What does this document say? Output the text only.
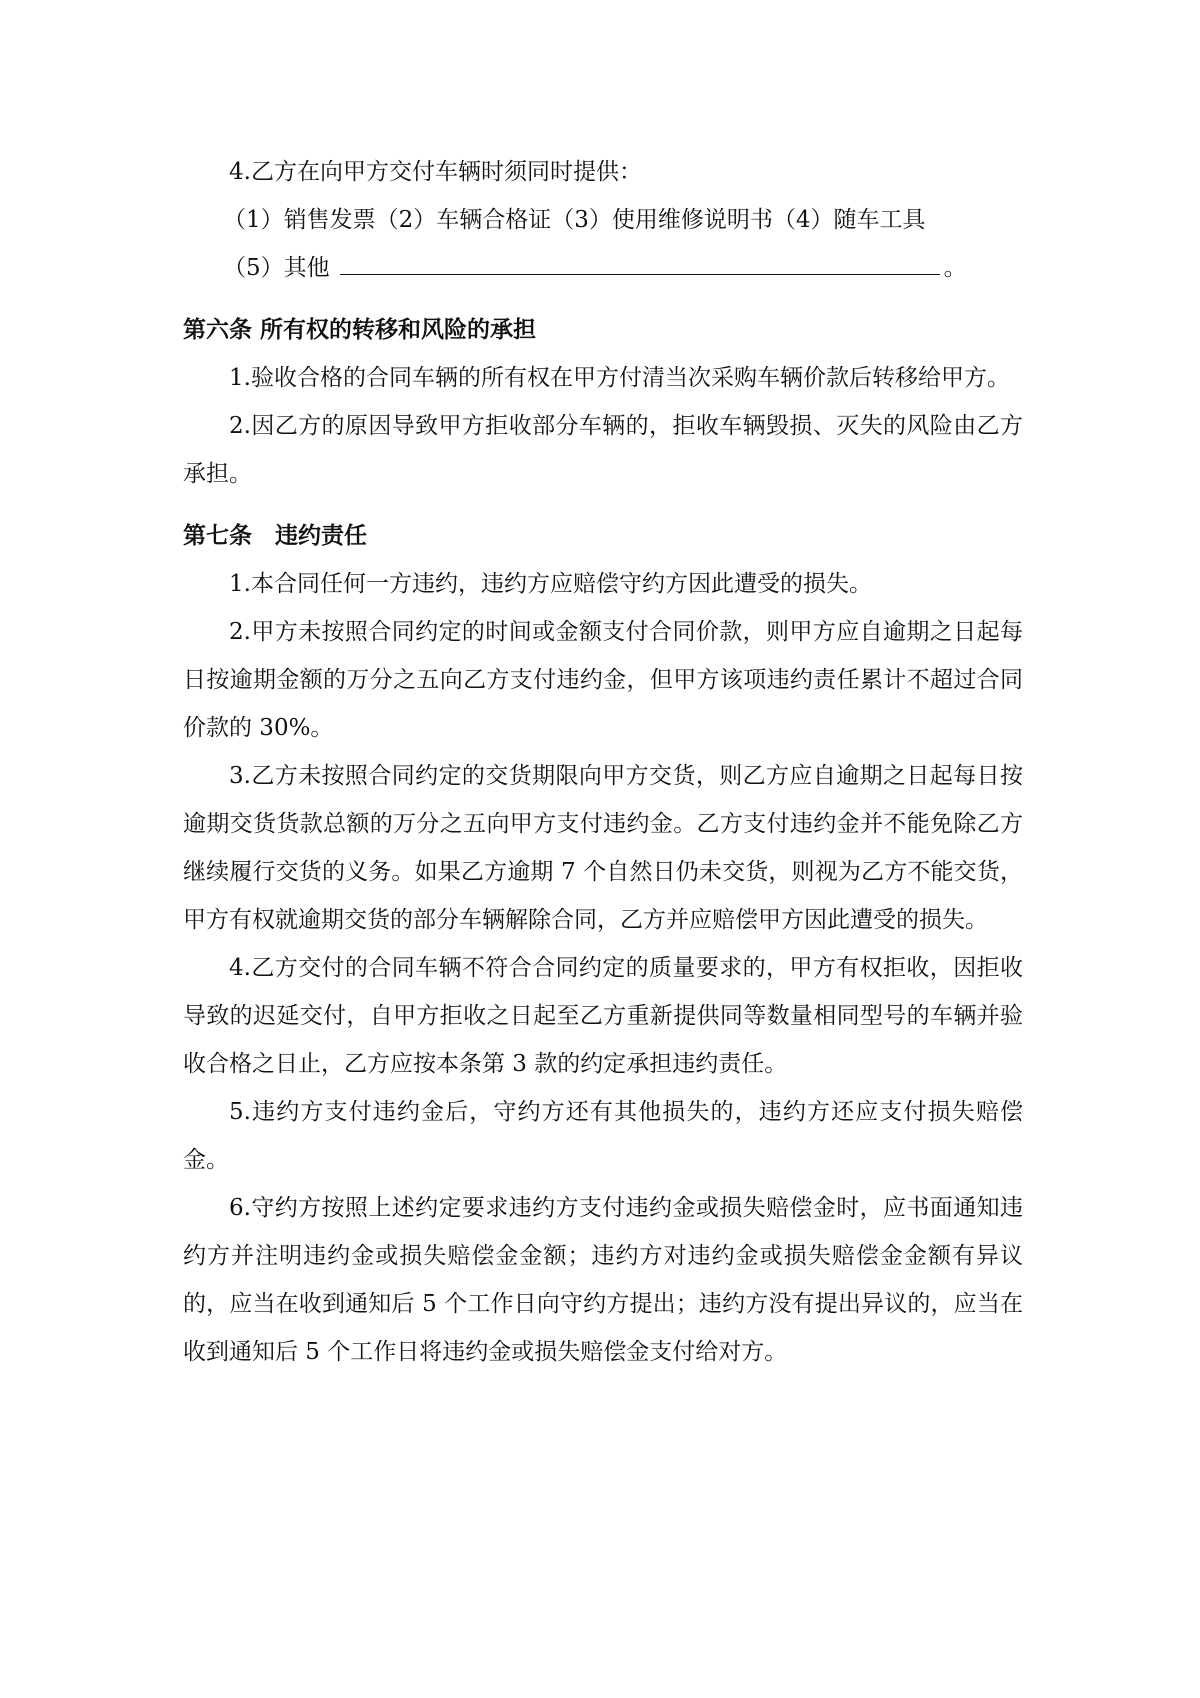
4.乙方在向甲方交付车辆时须同时提供：

（1）销售发票（2）车辆合格证（3）使用维修说明书（4）随车工具

（5）其他	。

第六条 所有权的转移和风险的承担

1.验收合格的合同车辆的所有权在甲方付清当次采购车辆价款后转移给甲方。

2.因乙方的原因导致甲方拒收部分车辆的，拒收车辆毁损、灭失的风险由乙方承担。

第七条　违约责任

1.本合同任何一方违约，违约方应赔偿守约方因此遭受的损失。

2.甲方未按照合同约定的时间或金额支付合同价款，则甲方应自逾期之日起每日按逾期金额的万分之五向乙方支付违约金，但甲方该项违约责任累计不超过合同价款的 30%。

3.乙方未按照合同约定的交货期限向甲方交货，则乙方应自逾期之日起每日按逾期交货货款总额的万分之五向甲方支付违约金。乙方支付违约金并不能免除乙方继续履行交货的义务。如果乙方逾期 7 个自然日仍未交货，则视为乙方不能交货，甲方有权就逾期交货的部分车辆解除合同，乙方并应赔偿甲方因此遭受的损失。

4.乙方交付的合同车辆不符合合同约定的质量要求的，甲方有权拒收，因拒收导致的迟延交付，自甲方拒收之日起至乙方重新提供同等数量相同型号的车辆并验收合格之日止，乙方应按本条第 3 款的约定承担违约责任。

5.违约方支付违约金后，守约方还有其他损失的，违约方还应支付损失赔偿金。

6.守约方按照上述约定要求违约方支付违约金或损失赔偿金时，应书面通知违约方并注明违约金或损失赔偿金金额；违约方对违约金或损失赔偿金金额有异议的，应当在收到通知后 5 个工作日向守约方提出；违约方没有提出异议的，应当在收到通知后 5 个工作日将违约金或损失赔偿金支付给对方。
